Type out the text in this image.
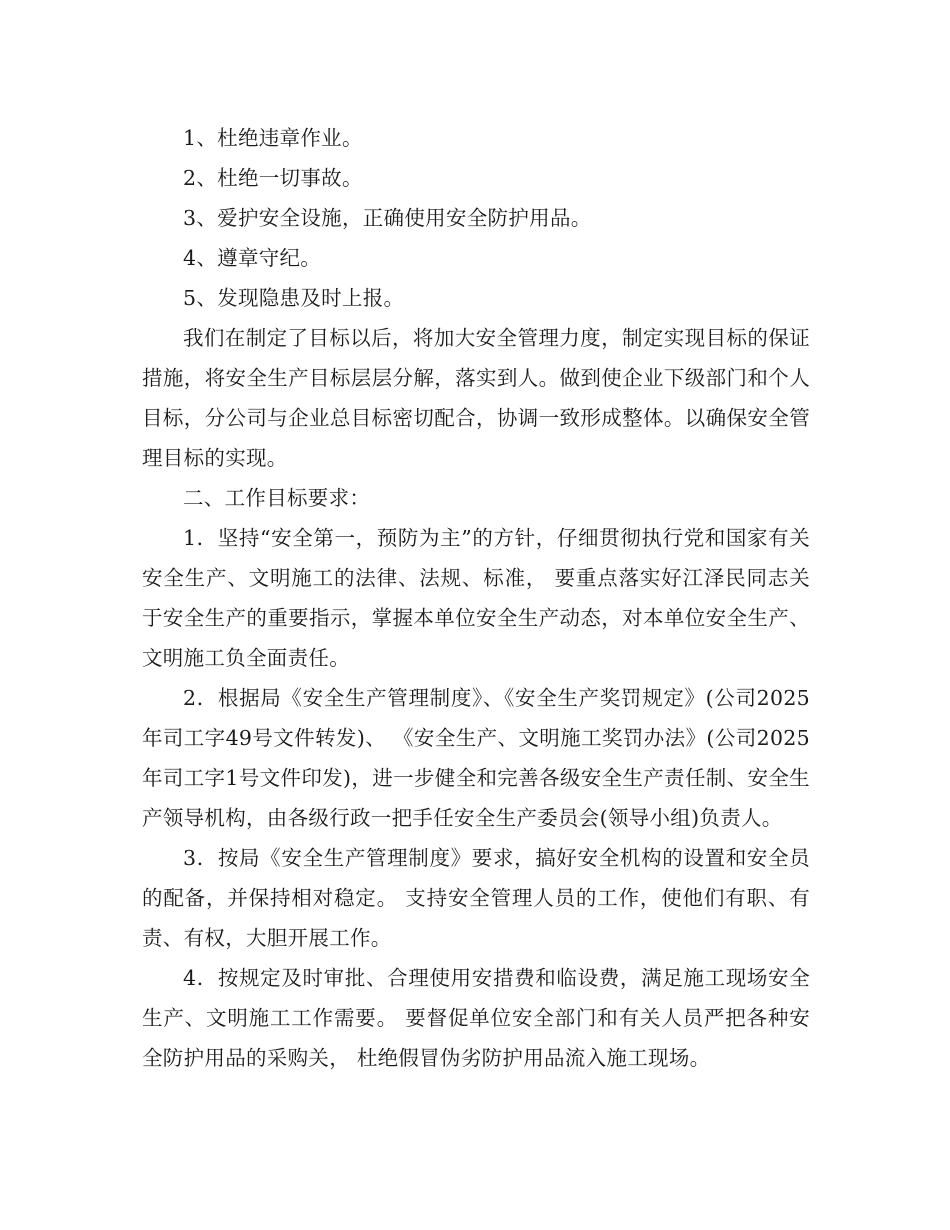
1、杜绝违章作业。

2、杜绝一切事故。

3、爱护安全设施，正确使用安全防护用品。

4、遵章守纪。

5、发现隐患及时上报。

我们在制定了目标以后，将加大安全管理力度，制定实现目标的保证措施，将安全生产目标层层分解，落实到人。做到使企业下级部门和个人目标，分公司与企业总目标密切配合，协调一致形成整体。以确保安全管理目标的实现。

二、工作目标要求：

1．坚持“安全第一，预防为主”的方针，仔细贯彻执行党和国家有关安全生产、文明施工的法律、法规、标准， 要重点落实好江泽民同志关于安全生产的重要指示，掌握本单位安全生产动态，对本单位安全生产、文明施工负全面责任。

2．根据局《安全生产管理制度》、《安全生产奖罚规定》(公司2025年司工字49号文件转发)、 《安全生产、文明施工奖罚办法》(公司2025年司工字1号文件印发)，进一步健全和完善各级安全生产责任制、安全生产领导机构，由各级行政一把手任安全生产委员会(领导小组)负责人。

3．按局《安全生产管理制度》要求，搞好安全机构的设置和安全员的配备，并保持相对稳定。 支持安全管理人员的工作，使他们有职、有责、有权，大胆开展工作。

4．按规定及时审批、合理使用安措费和临设费，满足施工现场安全生产、文明施工工作需要。 要督促单位安全部门和有关人员严把各种安全防护用品的采购关， 杜绝假冒伪劣防护用品流入施工现场。
